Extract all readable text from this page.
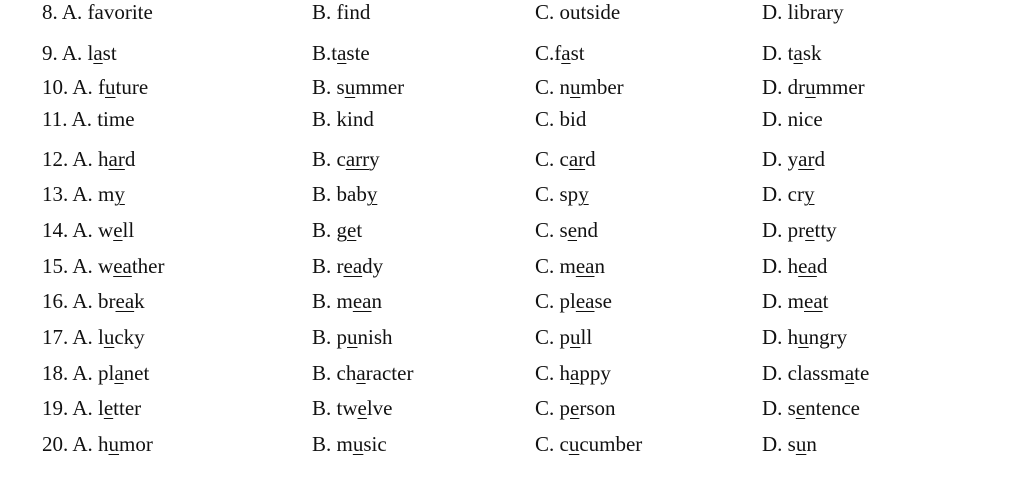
8. A. favorite	B. find	C. outside	D. library
9. A. last	B.taste	C.fast	D. task
10. A. future	B. summer	C. number	D. drummer
11. A. time	B. kind	C. bid	D. nice
12. A. hard	B. carry	C. card	D. yard
13. A. my	B. baby	C. spy	D. cry
14. A. well	B. get	C. send	D. pretty
15. A. weather	B. ready	C. mean	D. head
16. A. break	B. mean	C. please	D. meat
17. A. lucky	B. punish	C. pull	D. hungry
18. A. planet	B. character	C. happy	D. classmate
19. A. letter	B. twelve	C. person	D. sentence
20. A. humor	B. music	C. cucumber	D. sun
